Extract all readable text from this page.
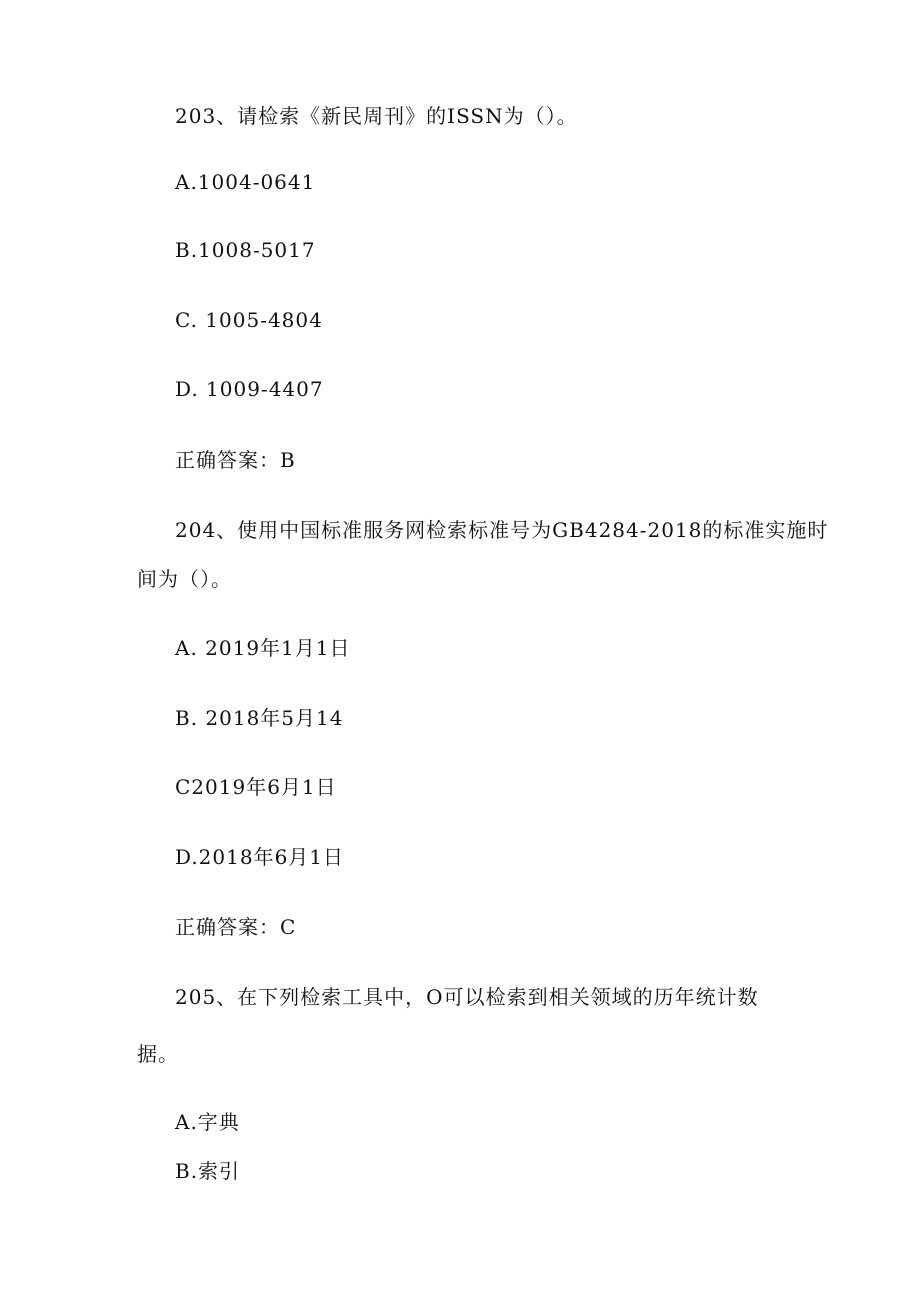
203、请检索《新民周刊》的ISSN为（）。
A.1004-0641
B.1008-5017
C. 1005-4804
D. 1009-4407
正确答案：B
204、使用中国标准服务网检索标准号为GB4284-2018的标准实施时
间为（）。
A. 2019年1月1日
B. 2018年5月14
C2019年6月1日
D.2018年6月1日
正确答案：C
205、在下列检索工具中，O可以检索到相关领域的历年统计数
据。
A.字典
B.索引
